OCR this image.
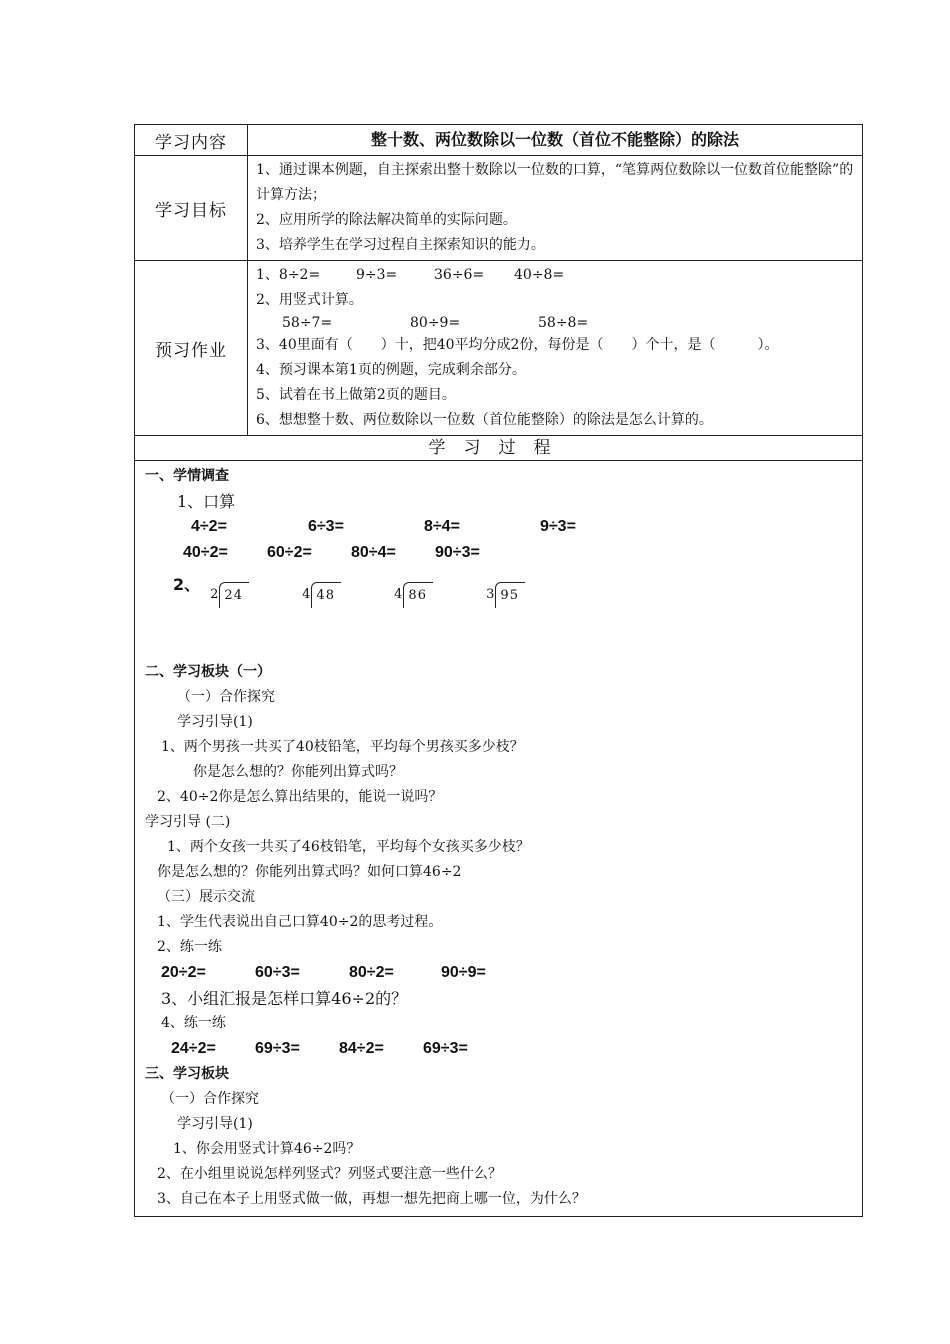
学习内容	整十数、两位数除以一位数（首位不能整除）的除法
学习目标
1、通过课本例题，自主探索出整十数除以一位数的口算，“笔算两位数除以一位数首位能整除”的计算方法；
2、应用所学的除法解决简单的实际问题。
3、培养学生在学习过程自主探索知识的能力。
预习作业
1、8÷2=	9÷3=	36÷6=	40÷8=
2、用竖式计算。
58÷7=	80÷9=	58÷8=
3、40里面有（　　）十，把40平均分成2份，每份是（　　）个十，是（　　　）。
4、预习课本第1页的例题，完成剩余部分。
5、试着在书上做第2页的题目。
6、想想整十数、两位数除以一位数（首位能整除）的除法是怎么计算的。
学习过程
一、学情调查
1、口算
4÷2=	6÷3=	8÷4=	9÷3=
40÷2=	60÷2=	80÷4=	90÷3=
2、
2 24	4 48	4 86	3 95
二、学习板块（一）
（一）合作探究
学习引导(1)
1、两个男孩一共买了40枝铅笔，平均每个男孩买多少枝？
你是怎么想的？你能列出算式吗？
2、40÷2你是怎么算出结果的，能说一说吗？
学习引导 (二)
1、两个女孩一共买了46枝铅笔，平均每个女孩买多少枝？
你是怎么想的？你能列出算式吗？如何口算46÷2
（三）展示交流
1、学生代表说出自己口算40÷2的思考过程。
2、练一练
20÷2=	60÷3=	80÷2=	90÷9=
3、小组汇报是怎样口算46÷2的？
4、练一练
24÷2=	69÷3=	84÷2=	69÷3=
三、学习板块
（一）合作探究
学习引导(1)
1、你会用竖式计算46÷2吗？
2、在小组里说说怎样列竖式？列竖式要注意一些什么？
3、自己在本子上用竖式做一做，再想一想先把商上哪一位，为什么？
